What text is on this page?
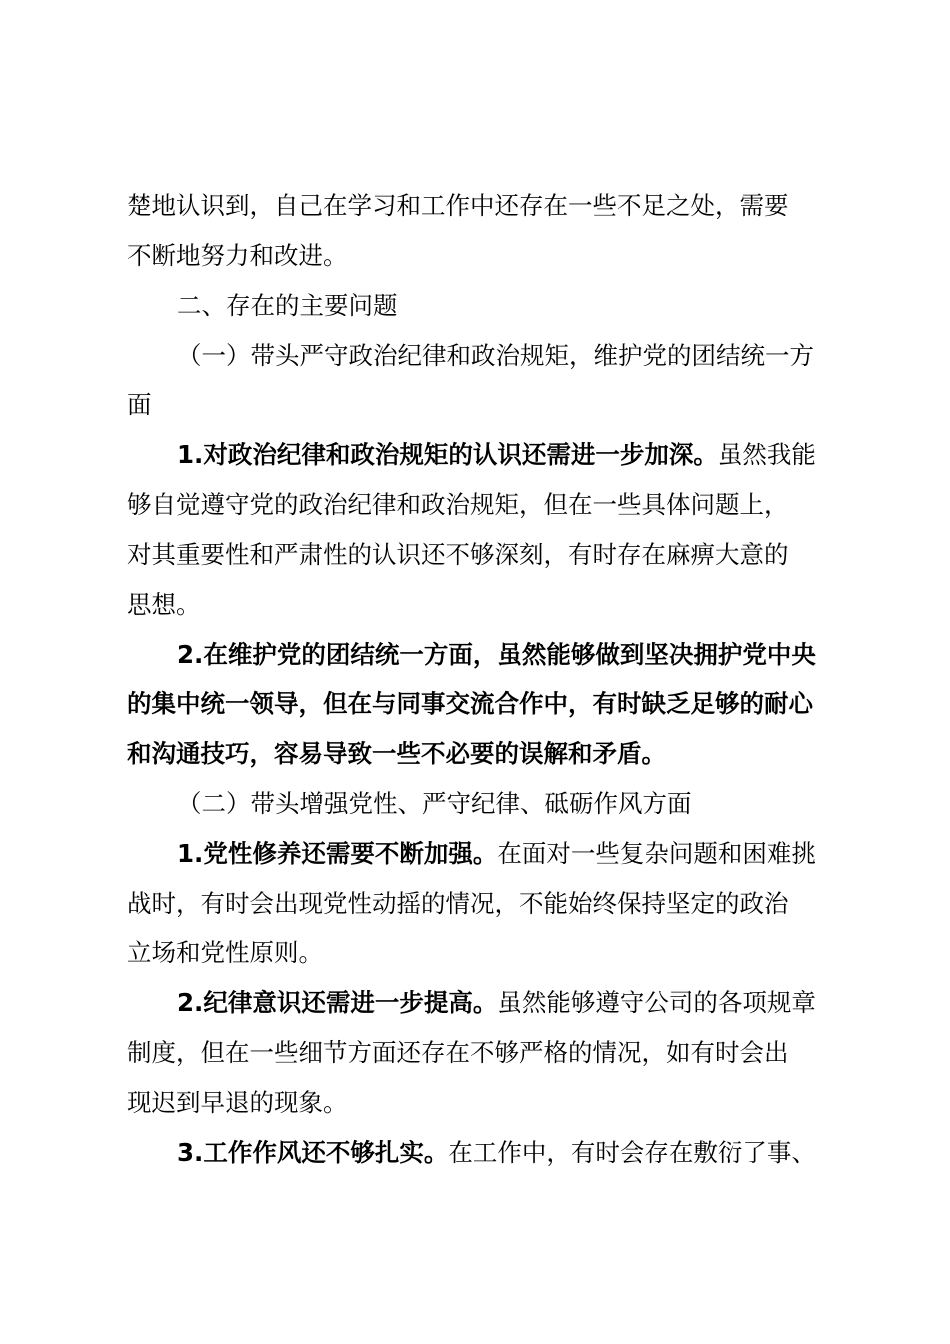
楚地认识到，自己在学习和工作中还存在一些不足之处，需要
不断地努力和改进。
二、存在的主要问题
（一）带头严守政治纪律和政治规矩，维护党的团结统一方
面
1.对政治纪律和政治规矩的认识还需进一步加深。虽然我能
够自觉遵守党的政治纪律和政治规矩，但在一些具体问题上，
对其重要性和严肃性的认识还不够深刻，有时存在麻痹大意的
思想。
2.在维护党的团结统一方面，虽然能够做到坚决拥护党中央
的集中统一领导，但在与同事交流合作中，有时缺乏足够的耐心
和沟通技巧，容易导致一些不必要的误解和矛盾。
（二）带头增强党性、严守纪律、砥砺作风方面
1.党性修养还需要不断加强。在面对一些复杂问题和困难挑
战时，有时会出现党性动摇的情况，不能始终保持坚定的政治
立场和党性原则。
2.纪律意识还需进一步提高。虽然能够遵守公司的各项规章
制度，但在一些细节方面还存在不够严格的情况，如有时会出
现迟到早退的现象。
3.工作作风还不够扎实。在工作中，有时会存在敷衍了事、
